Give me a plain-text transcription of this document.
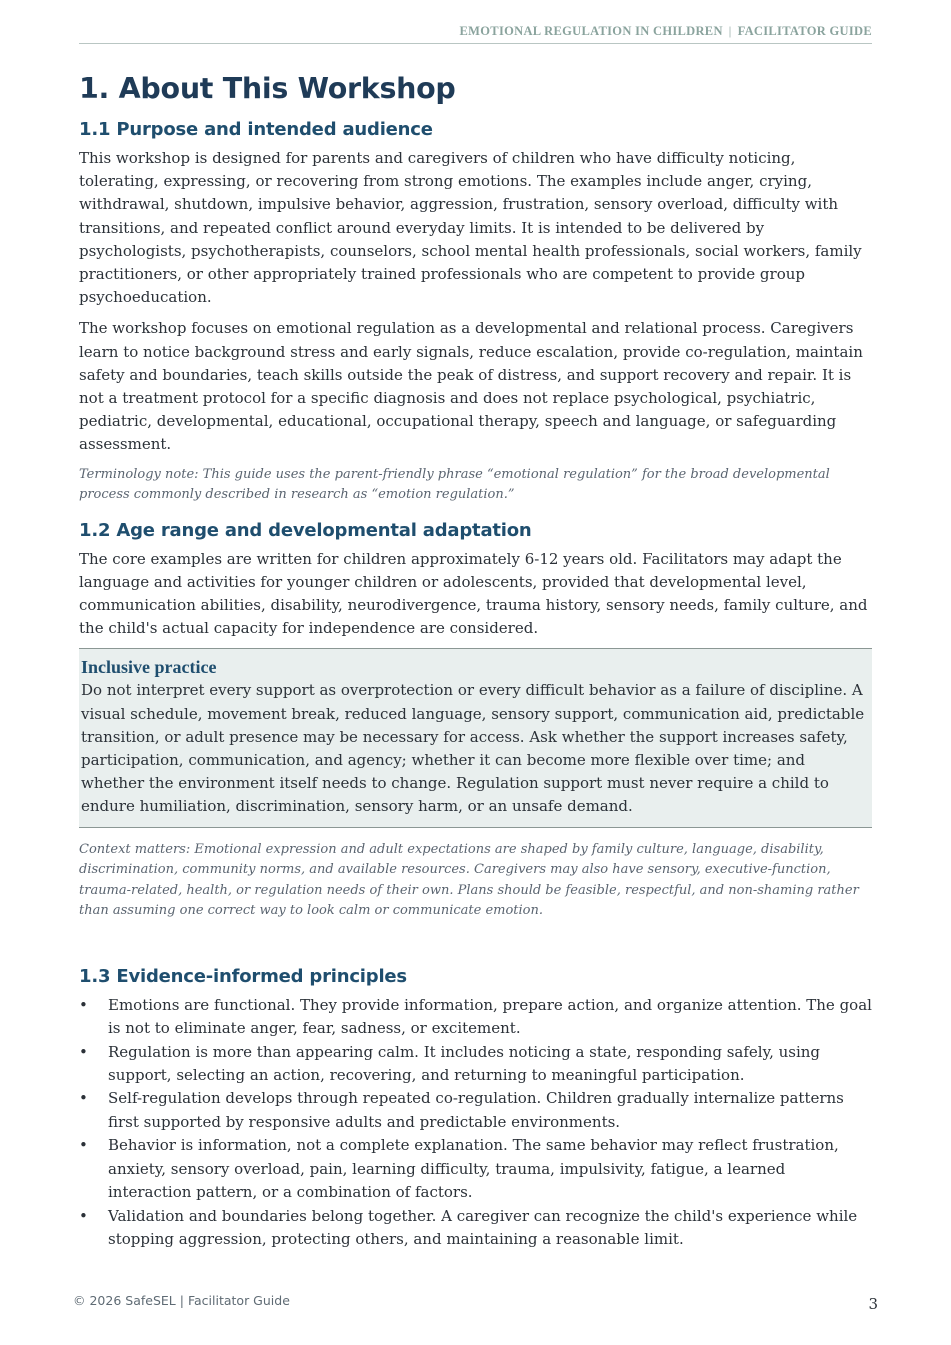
EMOTIONAL REGULATION IN CHILDREN | FACILITATOR GUIDE
1. About This Workshop
1.1 Purpose and intended audience

This workshop is designed for parents and caregivers of children who have difficulty noticing, tolerating, expressing, or recovering from strong emotions. The examples include anger, crying, withdrawal, shutdown, impulsive behavior, aggression, frustration, sensory overload, difficulty with transitions, and repeated conflict around everyday limits. It is intended to be delivered by psychologists, psychotherapists, counselors, school mental health professionals, social workers, family practitioners, or other appropriately trained professionals who are competent to provide group psychoeducation.

The workshop focuses on emotional regulation as a developmental and relational process. Caregivers learn to notice background stress and early signals, reduce escalation, provide co-regulation, maintain safety and boundaries, teach skills outside the peak of distress, and support recovery and repair. It is not a treatment protocol for a specific diagnosis and does not replace psychological, psychiatric, pediatric, developmental, educational, occupational therapy, speech and language, or safeguarding assessment.

Terminology note: This guide uses the parent-friendly phrase “emotional regulation” for the broad developmental process commonly described in research as “emotion regulation.”

1.2 Age range and developmental adaptation

The core examples are written for children approximately 6-12 years old. Facilitators may adapt the language and activities for younger children or adolescents, provided that developmental level, communication abilities, disability, neurodivergence, trauma history, sensory needs, family culture, and the child's actual capacity for independence are considered.

Inclusive practice

Do not interpret every support as overprotection or every difficult behavior as a failure of discipline. A visual schedule, movement break, reduced language, sensory support, communication aid, predictable transition, or adult presence may be necessary for access. Ask whether the support increases safety, participation, communication, and agency; whether it can become more flexible over time; and whether the environment itself needs to change. Regulation support must never require a child to endure humiliation, discrimination, sensory harm, or an unsafe demand.

Context matters: Emotional expression and adult expectations are shaped by family culture, language, disability, discrimination, community norms, and available resources. Caregivers may also have sensory, executive-function, trauma-related, health, or regulation needs of their own. Plans should be feasible, respectful, and non-shaming rather than assuming one correct way to look calm or communicate emotion.

1.3 Evidence-informed principles
• Emotions are functional. They provide information, prepare action, and organize attention. The goal is not to eliminate anger, fear, sadness, or excitement.
• Regulation is more than appearing calm. It includes noticing a state, responding safely, using support, selecting an action, recovering, and returning to meaningful participation.
• Self-regulation develops through repeated co-regulation. Children gradually internalize patterns first supported by responsive adults and predictable environments.
• Behavior is information, not a complete explanation. The same behavior may reflect frustration, anxiety, sensory overload, pain, learning difficulty, trauma, impulsivity, fatigue, a learned interaction pattern, or a combination of factors.
• Validation and boundaries belong together. A caregiver can recognize the child's experience while stopping aggression, protecting others, and maintaining a reasonable limit.
© 2026 SafeSEL | Facilitator Guide	3
